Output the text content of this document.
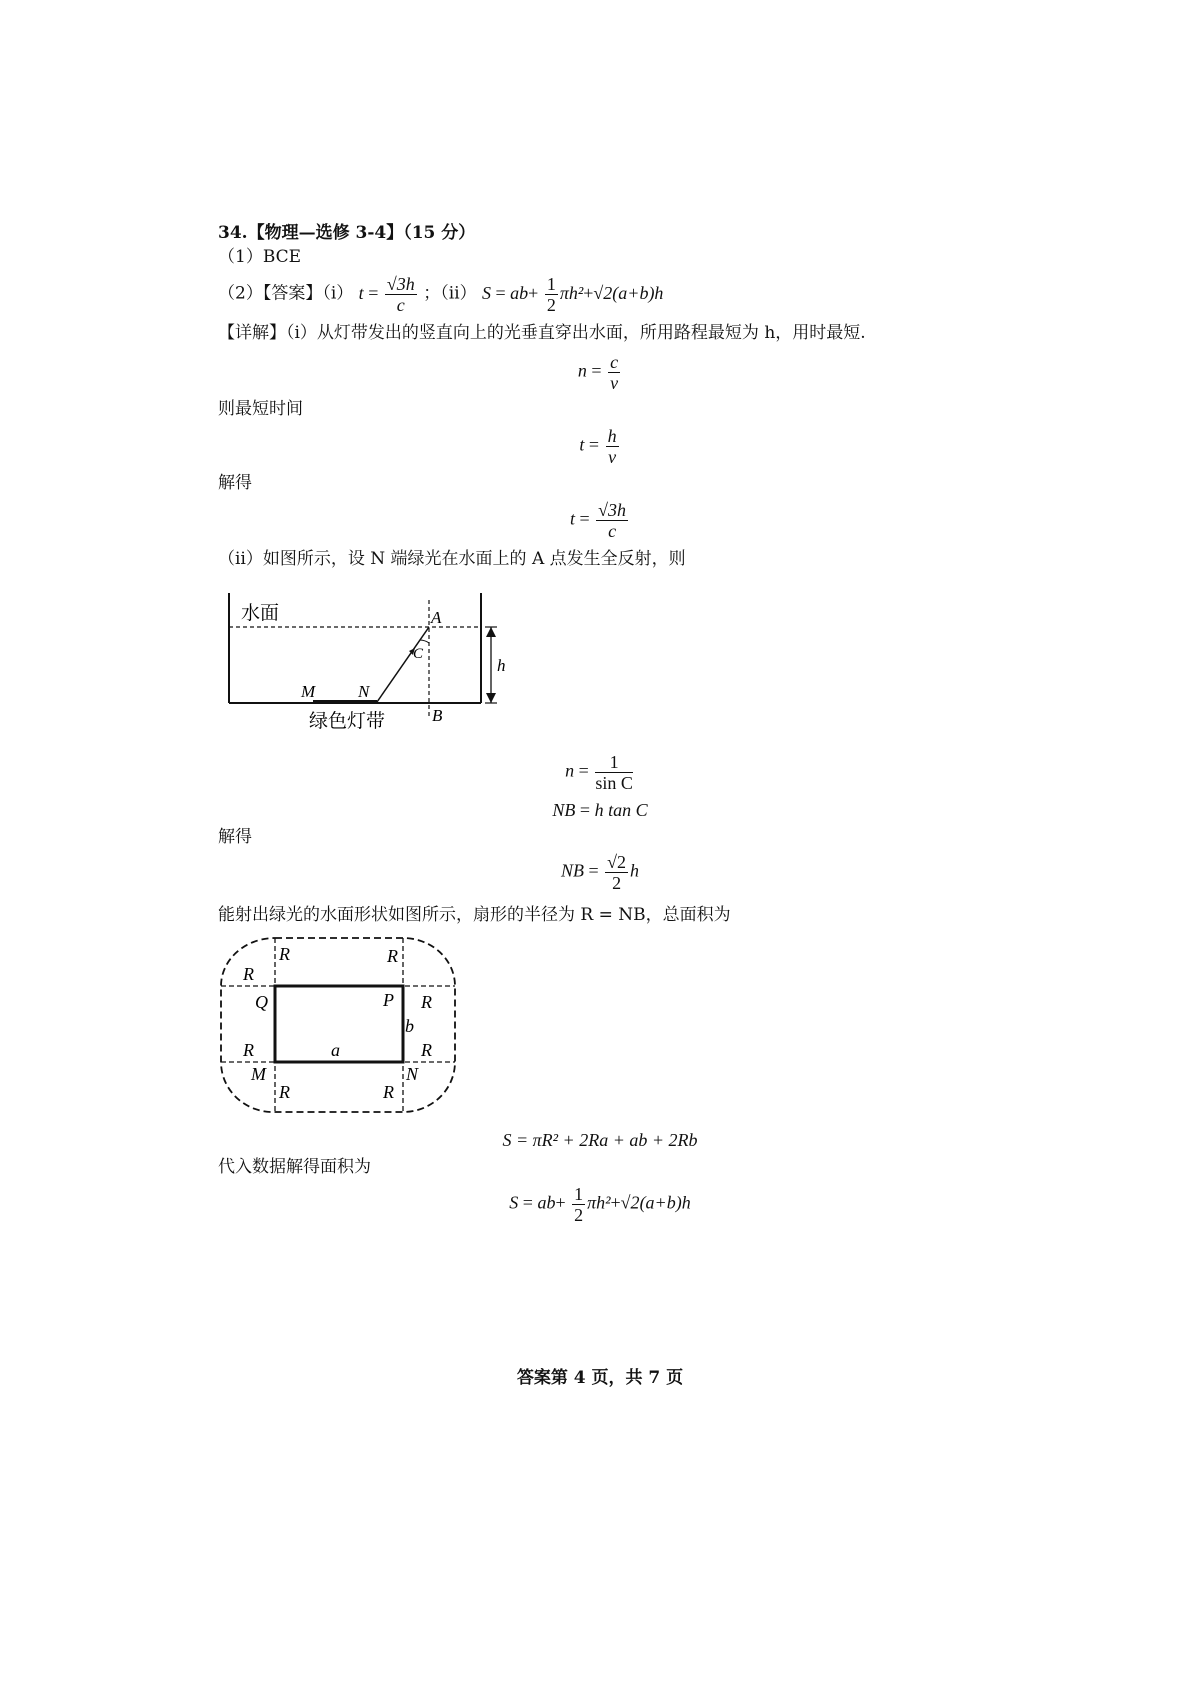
34.【物理—选修 3-4】（15 分）
（1）BCE
（2）【答案】（ⅰ） $t = \frac{√3h}{c}$ ；（ⅱ） $S = ab+ \frac{1}{2} \pi h^2+√2(a+b)h$
【详解】（ⅰ）从灯带发出的竖直向上的光垂直穿出水面，所用路程最短为 h，用时最短.
$n = \frac{c}{v}$
则最短时间
$t = \frac{h}{v}$
解得
$t = \frac{√3h}{c}$
（ⅱ）如图所示，设 N 端绿光在水面上的 A 点发生全反射，则
水面	A
C
M	N
B
h
绿色灯带
$n = \frac{1}{\text{sin C}}$
NB = h tan C
解得
NB = $\frac{√2}{2}$ h
能射出绿光的水面形状如图所示，扇形的半径为 R = NB，总面积为
R	R
R
Q	P R
b
R	a	R
M	N
R	R
S = πR² + 2Ra + ab + 2Rb
代入数据解得面积为
$S = ab+ \frac{1}{2} \pi h^2+√2(a+b)h$
答案第 4 页，共 7 页
